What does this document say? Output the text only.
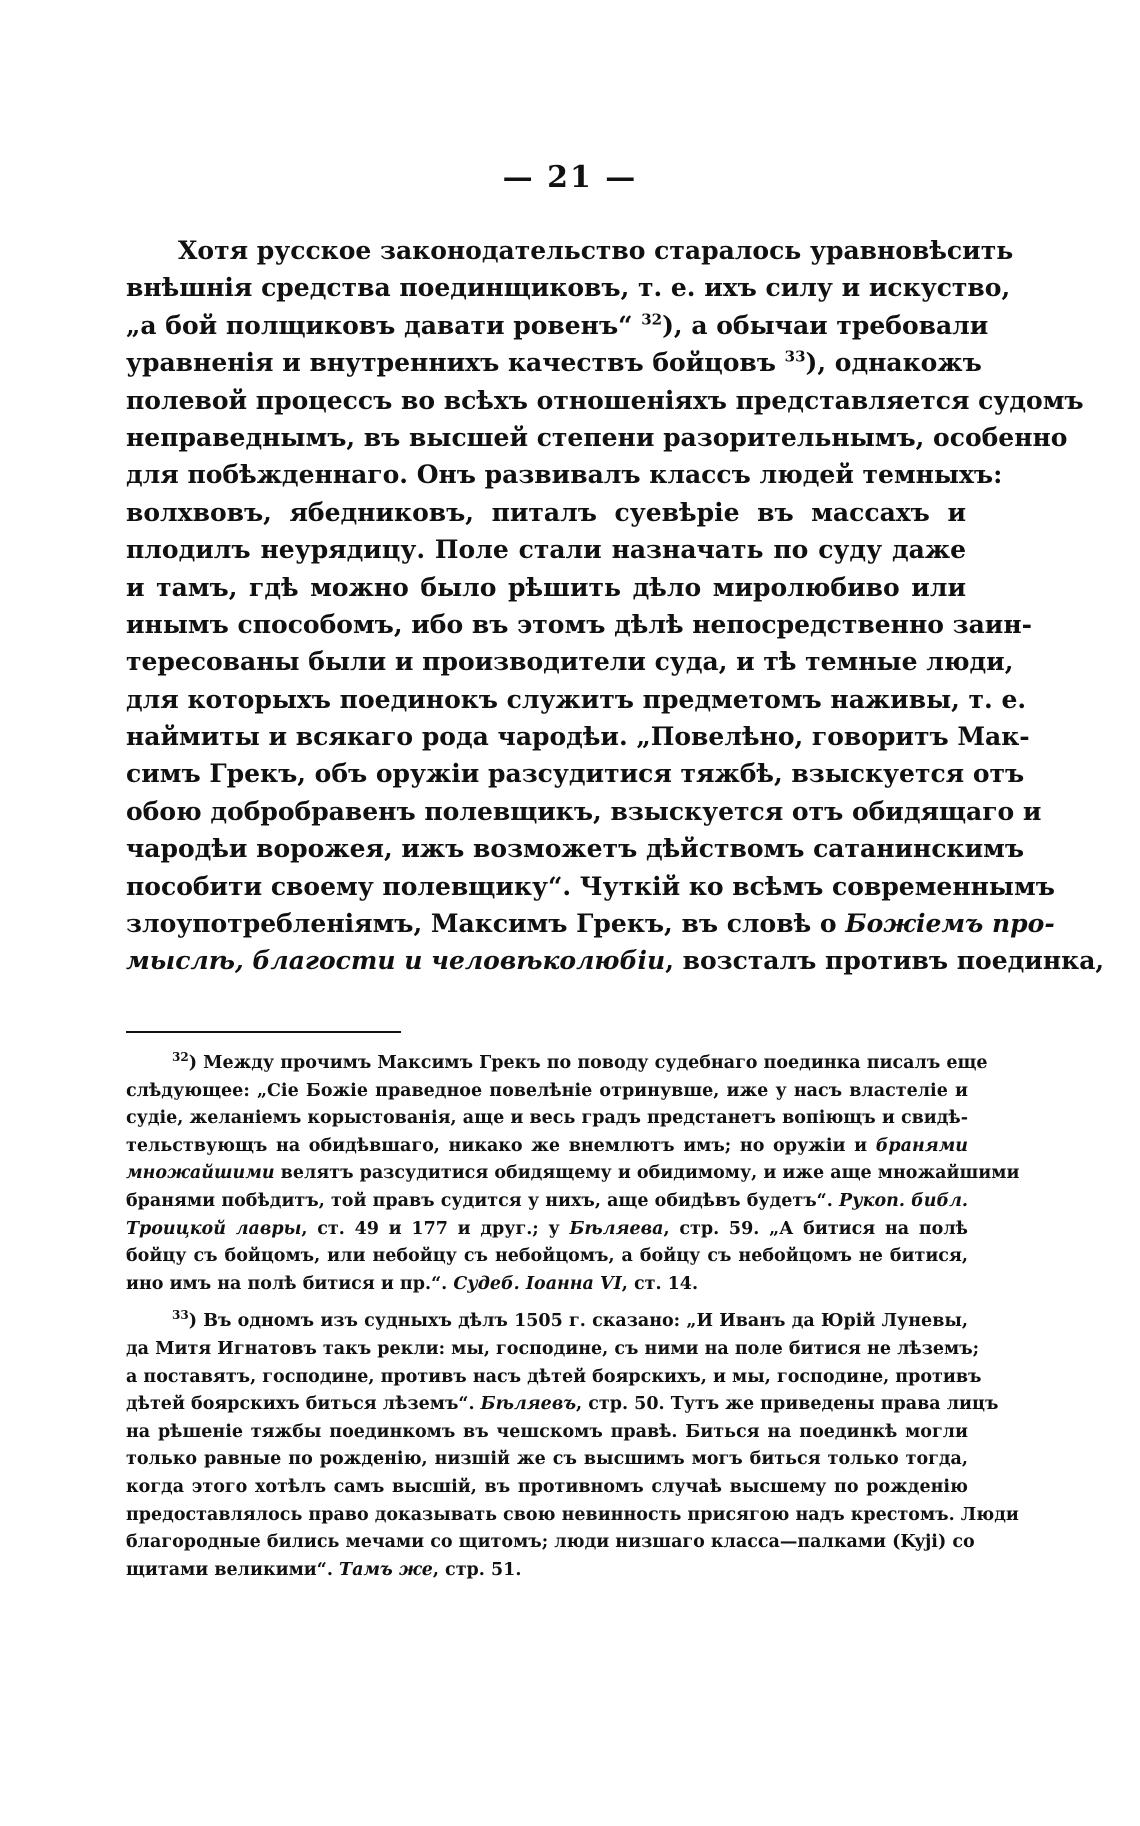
— 21 —
Хотя русское законодательство старалось уравновѣсить
внѣшнія средства поединщиковъ, т. е. ихъ силу и искуство,
„а бой полщиковъ давати ровенъ“ $^{32}$), а обычаи требовали
уравненія и внутреннихъ качествъ бойцовъ $^{33}$), однакожъ
полевой процессъ во всѣхъ отношеніяхъ представляется судомъ
неправеднымъ, въ высшей степени разорительнымъ, особенно
для побѣжденнаго. Онъ развивалъ классъ людей темныхъ:
волхвовъ, ябедниковъ, питалъ суевѣріе въ массахъ и
плодилъ неурядицу. Поле стали назначать по суду даже
и тамъ, гдѣ можно было рѣшить дѣло миролюбиво или
инымъ способомъ, ибо въ этомъ дѣлѣ непосредственно заин-
тересованы были и производители суда, и тѣ темные люди,
для которыхъ поединокъ служитъ предметомъ наживы, т. е.
наймиты и всякаго рода чародѣи. „Повелѣно, говоритъ Мак-
симъ Грекъ, объ оружіи разсудитися тяжбѣ, взыскуется отъ
обою добробравенъ полевщикъ, взыскуется отъ обидящаго и
чародѣи ворожея, ижъ возможетъ дѣйствомъ сатанинскимъ
пособити своему полевщику“. Чуткій ко всѣмъ современнымъ
злоупотребленіямъ, Максимъ Грекъ, въ словѣ о Божіемъ про-
мыслѣ, благости и человѣколюбіи, возсталъ противъ поединка,
$^{32}$) Между прочимъ Максимъ Грекъ по поводу судебнаго поединка писалъ еще
слѣдующее: „Сіе Божіе праведное повелѣніе отринувше, иже у насъ властеліе и
судіе, желаніемъ корыстованія, аще и весь градъ предстанетъ вопіющъ и свидѣ-
тельствующъ на обидѣвшаго, никако же внемлютъ имъ; но оружіи и бранями
множайшими велятъ разсудитися обидящему и обидимому, и иже аще множайшими
бранями побѣдитъ, той правъ судится у нихъ, аще обидѣвъ будетъ“. Рукоп. библ.
Троицкой лавры, ст. 49 и 177 и друг.; у Бѣляева, стр. 59. „А битися на полѣ
бойцу съ бойцомъ, или небойцу съ небойцомъ, а бойцу съ небойцомъ не битися,
ино имъ на полѣ битися и пр.“. Судеб. Іоанна VI, ст. 14.
$^{33}$) Въ одномъ изъ судныхъ дѣлъ 1505 г. сказано: „И Иванъ да Юрій Луневы,
да Митя Игнатовъ такъ рекли: мы, господине, съ ними на поле битися не лѣземъ;
а поставятъ, господине, противъ насъ дѣтей боярскихъ, и мы, господине, противъ
дѣтей боярскихъ биться лѣземъ“. Бѣляевъ, стр. 50. Тутъ же приведены права лицъ
на рѣшеніе тяжбы поединкомъ въ чешскомъ правѣ. Биться на поединкѣ могли
только равные по рожденію, низшій же съ высшимъ могъ биться только тогда,
когда этого хотѣлъ самъ высшій, въ противномъ случаѣ высшему по рожденію
предоставлялось право доказывать свою невинность присягою надъ крестомъ. Люди
благородные бились мечами со щитомъ; люди низшаго класса—палками (Kyji) со
щитами великими“. Тамъ же, стр. 51.
